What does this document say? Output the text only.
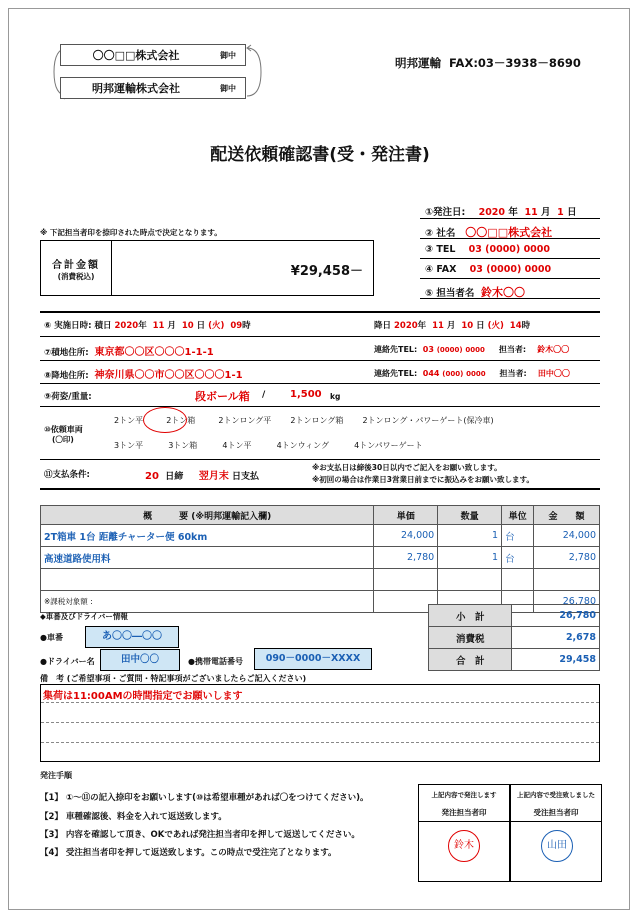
〇〇□□株式会社	御中
明邦運輸株式会社	御中
明邦運輸 FAX:03－3938－8690
配送依頼確認書(受・発注書)
①発注日: 2020 年 11 月 1 日
② 社名 〇〇□□株式会社
③ TEL 03 (0000) 0000
④ FAX 03 (0000) 0000
⑤ 担当者名 鈴木〇〇
※ 下記担当者印を捺印された時点で決定となります。
合計金額
(消費税込)	¥29,458－
⑥ 実施日時: 積日 2020年  11 月  10 日 (火) 09時	降日 2020年  11 月  10 日 (火) 14時
⑦積地住所:  東京都〇〇区〇〇〇1-1-1	連絡先TEL: 03 (0000) 0000 担当者: 鈴木〇〇
⑧降地住所:  神奈川県〇〇市〇〇区〇〇〇1-1	連絡先TEL: 044 (000) 0000 担当者: 田中〇〇
⑨荷姿/重量:	段ボール箱 / 1,500 kg
⑩依頼車両
(〇印)
2トン平	2トン箱	2トンロング平 2トンロング箱 2トンロング・パワーゲート(保冷車)
3トン平	3トン箱	4トン平	4トンウィング	4トンパワーゲート
⑪支払条件:	20 日締 翌月末 日支払
※お支払日は締後30日以内でご記入をお願い致します。
※初回の場合は作業日3営業日前までに振込みをお願い致します。
概　　　要 (※明邦運輸記入欄)	単価	数量	単位	金　　額
2T箱車 1台 距離チャーター便 60km	24,000	1	台	24,000
高速道路使用料	2,780	1	台	2,780

※課税対象額 :				26,780
◆車番及びドライバー情報
●車番	あ〇〇―〇〇
●ドライバー名	田中〇〇	●携帯電話番号	090－0000－XXXX
小　計	26,780
消費税	2,678
合　計	29,458
備　考 (ご希望事項・ご質問・特記事項がございましたらご記入ください)
集荷は11:00AMの時間指定でお願いします
発注手順
【1】 ①～⑪の記入捺印をお願いします(⑩は希望車種があれば〇をつけてください)。
【2】 車種確認後、料金を入れて返送致します。
【3】 内容を確認して頂き、OKであれば発注担当者印を押して返送してください。
【4】 受注担当者印を押して返送致します。この時点で受注完了となります。
上記内容で発注します
発注担当者印
鈴木
上記内容で受注致しました
受注担当者印
山田
